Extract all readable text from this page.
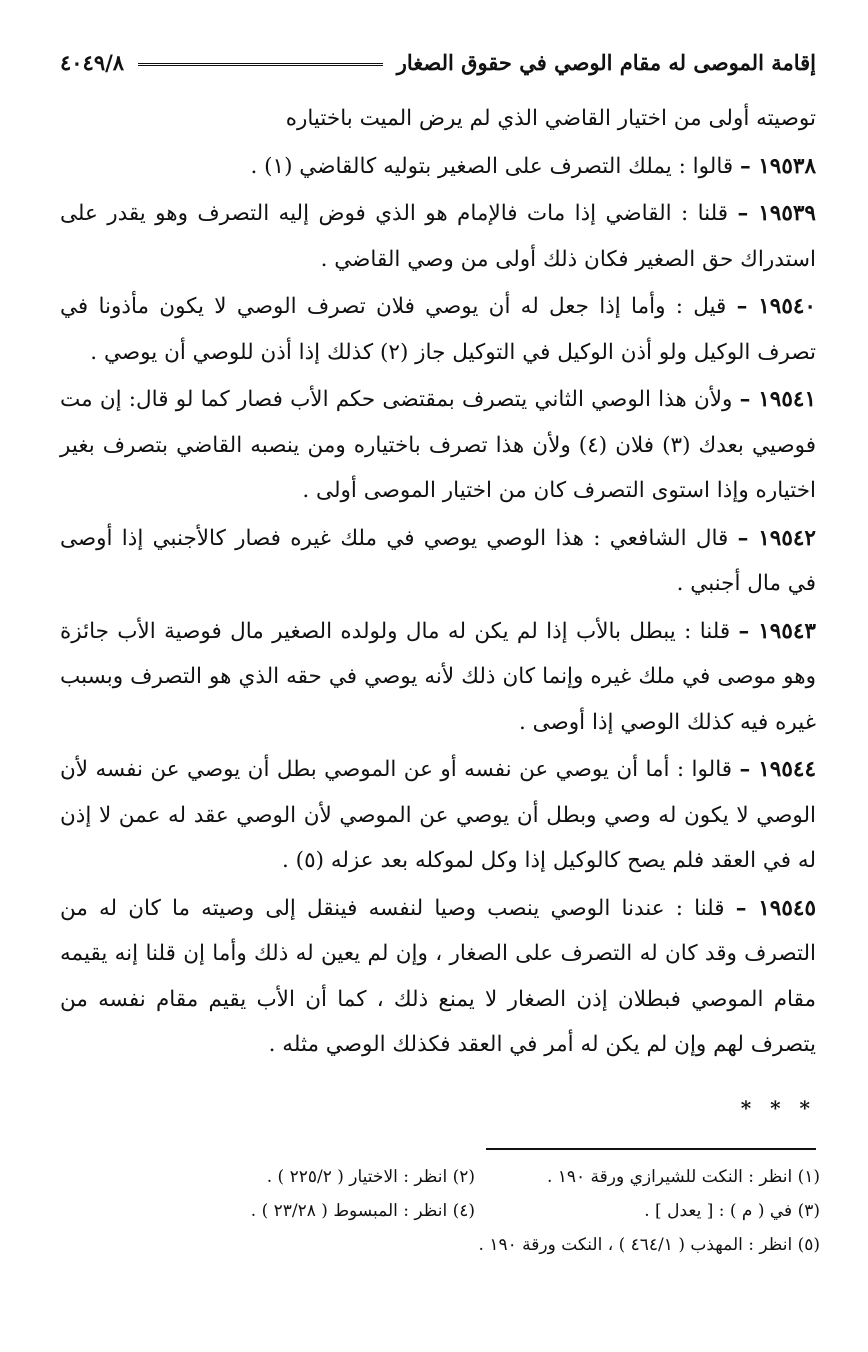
إقامة الموصى له مقام الوصي في حقوق الصغار
٤٠٤٩/٨

توصيته أولى من اختيار القاضي الذي لم يرض الميت باختياره

١٩٥٣٨ – قالوا : يملك التصرف على الصغير بتوليه كالقاضي (١) .

١٩٥٣٩ – قلنا : القاضي إذا مات فالإمام هو الذي فوض إليه التصرف وهو يقدر على استدراك حق الصغير فكان ذلك أولى من وصي القاضي .

١٩٥٤٠ – قيل : وأما إذا جعل له أن يوصي فلان تصرف الوصي لا يكون مأذونا في تصرف الوكيل ولو أذن الوكيل في التوكيل جاز (٢) كذلك إذا أذن للوصي أن يوصي .

١٩٥٤١ – ولأن هذا الوصي الثاني يتصرف بمقتضى حكم الأب فصار كما لو قال: إن مت فوصيي بعدك (٣) فلان (٤) ولأن هذا تصرف باختياره ومن ينصبه القاضي بتصرف بغير اختياره وإذا استوى التصرف كان من اختيار الموصى أولى .

١٩٥٤٢ – قال الشافعي : هذا الوصي يوصي في ملك غيره فصار كالأجنبي إذا أوصى في مال أجنبي .

١٩٥٤٣ – قلنا : يبطل بالأب إذا لم يكن له مال ولولده الصغير مال فوصية الأب جائزة وهو موصى في ملك غيره وإنما كان ذلك لأنه يوصي في حقه الذي هو التصرف وبسبب غيره فيه كذلك الوصي إذا أوصى .

١٩٥٤٤ – قالوا : أما أن يوصي عن نفسه أو عن الموصي بطل أن يوصي عن نفسه لأن الوصي لا يكون له وصي وبطل أن يوصي عن الموصي لأن الوصي عقد له عمن لا إذن له في العقد فلم يصح كالوكيل إذا وكل لموكله بعد عزله (٥) .

١٩٥٤٥ – قلنا : عندنا الوصي ينصب وصيا لنفسه فينقل إلى وصيته ما كان له من التصرف وقد كان له التصرف على الصغار ، وإن لم يعين له ذلك وأما إن قلنا إنه يقيمه مقام الموصي فبطلان إذن الصغار لا يمنع ذلك ، كما أن الأب يقيم مقام نفسه من يتصرف لهم وإن لم يكن له أمر في العقد فكذلك الوصي مثله .

* * *
(١) انظر : النكت للشيرازي ورقة ١٩٠ .
(٢) انظر : الاختيار ( ٢٢٥/٢ ) .
(٣) في ( م ) : [ يعدل ] .
(٤) انظر : المبسوط ( ٢٣/٢٨ ) .
(٥) انظر : المهذب ( ٤٦٤/١ ) ، النكت ورقة ١٩٠ .
